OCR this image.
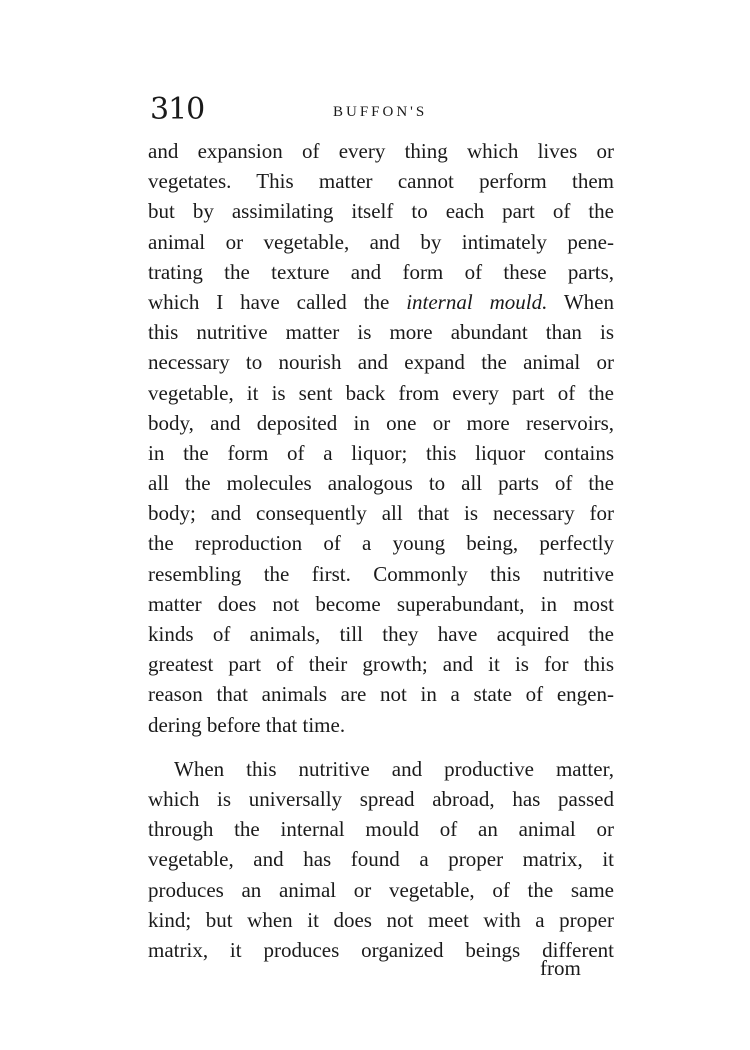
310	BUFFON'S
and expansion of every thing which lives or
vegetates. This matter cannot perform them
but by assimilating itself to each part of the
animal or vegetable, and by intimately pene-
trating the texture and form of these parts,
which I have called the internal mould. When
this nutritive matter is more abundant than is
necessary to nourish and expand the animal or
vegetable, it is sent back from every part of the
body, and deposited in one or more reservoirs,
in the form of a liquor; this liquor contains
all the molecules analogous to all parts of the
body; and consequently all that is necessary for
the reproduction of a young being, perfectly
resembling the first. Commonly this nutritive
matter does not become superabundant, in most
kinds of animals, till they have acquired the
greatest part of their growth; and it is for this
reason that animals are not in a state of engen-
dering before that time.
When this nutritive and productive matter,
which is universally spread abroad, has passed
through the internal mould of an animal or
vegetable, and has found a proper matrix, it
produces an animal or vegetable, of the same
kind; but when it does not meet with a proper
matrix, it produces organized beings different
from
